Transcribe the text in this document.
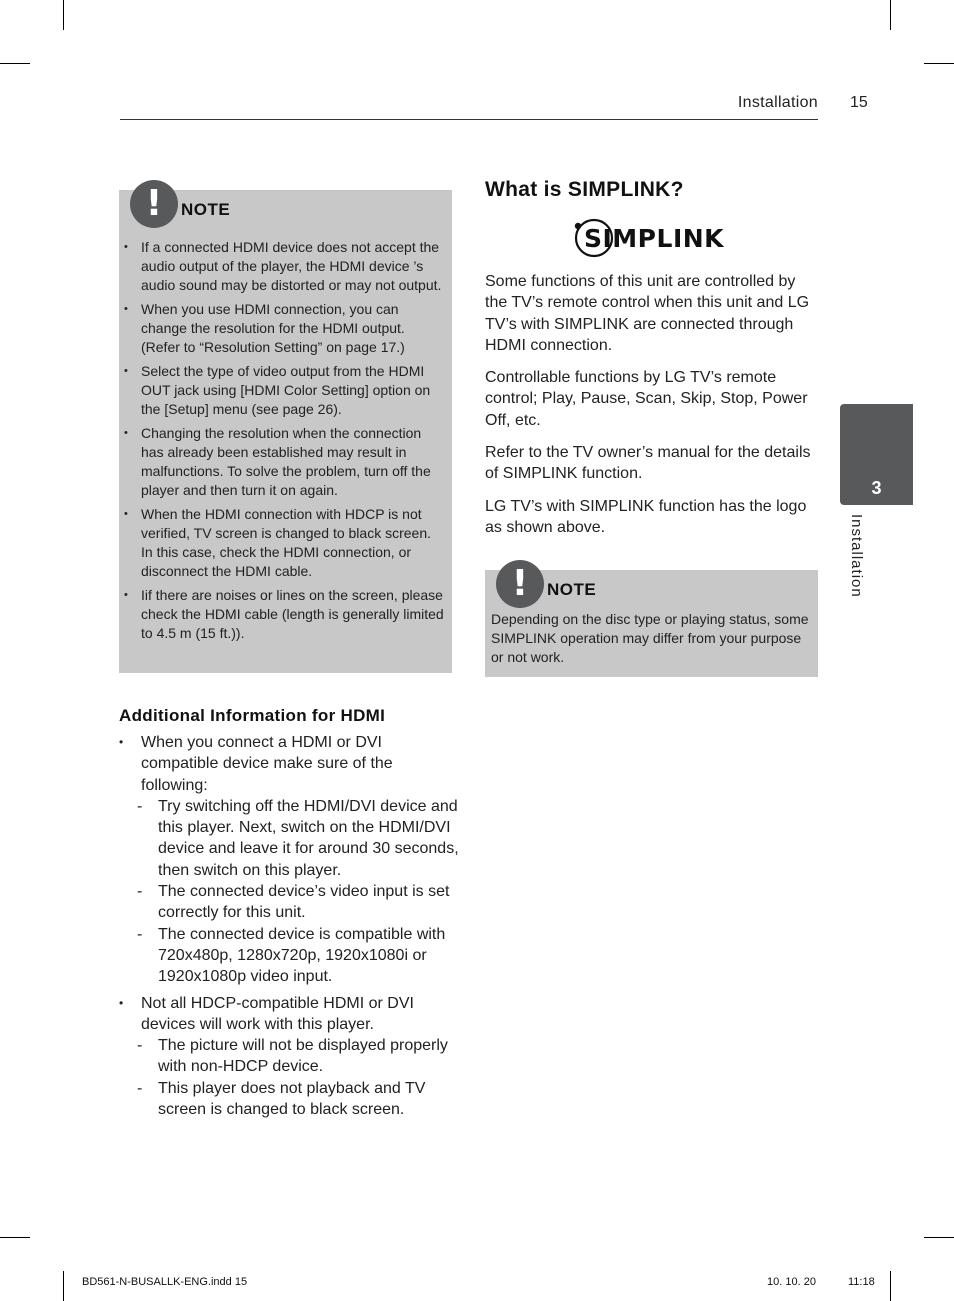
Installation 15
3
Installation
!	NOTE
• If a connected HDMI device does not accept the audio output of the player, the HDMI device ’s audio sound may be distorted or may not output.
• When you use HDMI connection, you can change the resolution for the HDMI output. (Refer to “Resolution Setting” on page 17.)
• Select the type of video output from the HDMI OUT jack using [HDMI Color Setting] option on the [Setup] menu (see page 26).
• Changing the resolution when the connection has already been established may result in malfunctions. To solve the problem, turn off the player and then turn it on again.
• When the HDMI connection with HDCP is not verified, TV screen is changed to black screen. In this case, check the HDMI connection, or disconnect the HDMI cable.
• Iif there are noises or lines on the screen, please check the HDMI cable (length is generally limited to 4.5 m (15 ft.)).
Additional Information for HDMI
• When you connect a HDMI or DVI compatible device make sure of the following:
- Try switching off the HDMI/DVI device and this player. Next, switch on the HDMI/DVI device and leave it for around 30 seconds, then switch on this player.
- The connected device’s video input is set correctly for this unit.
- The connected device is compatible with 720x480p, 1280x720p, 1920x1080i or 1920x1080p video input.
• Not all HDCP-compatible HDMI or DVI devices will work with this player.
- The picture will not be displayed properly with non-HDCP device.
- This player does not playback and TV screen is changed to black screen.
What is SIMPLINK?
SIMPLINK
Some functions of this unit are controlled by the TV’s remote control when this unit and LG TV’s with SIMPLINK are connected through HDMI connection.
Controllable functions by LG TV’s remote control; Play, Pause, Scan, Skip, Stop, Power Off, etc.
Refer to the TV owner’s manual for the details of SIMPLINK function.
LG TV’s with SIMPLINK function has the logo as shown above.
!	NOTE
Depending on the disc type or playing status, some SIMPLINK operation may differ from your purpose or not work.
BD561-N-BUSALLK-ENG.indd 15	10. 10. 20	11:18
